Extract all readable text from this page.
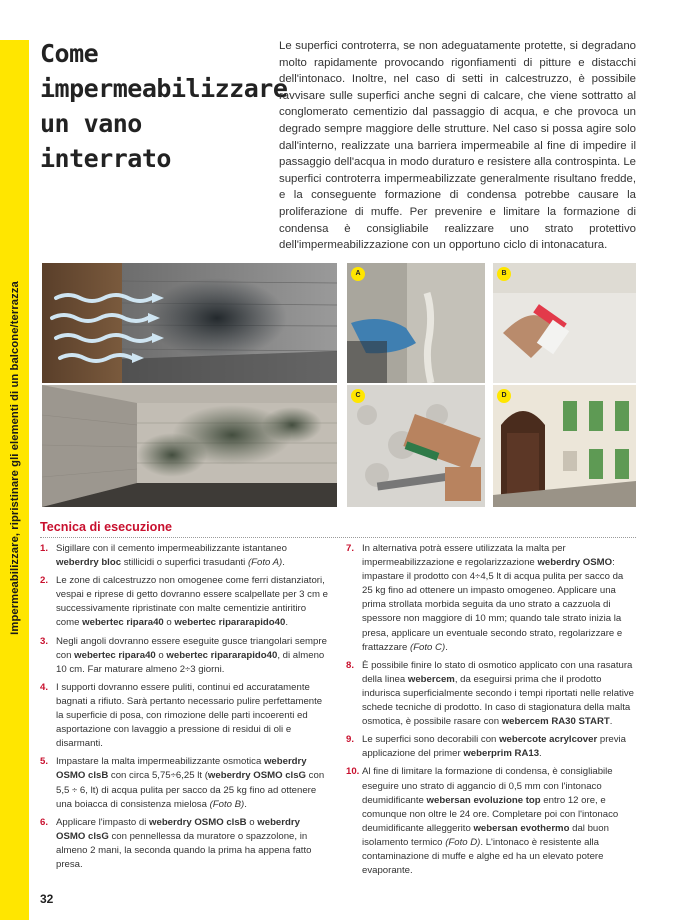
Impermeabilizzare, ripristinare gli elementi di un balcone/terrazza
Come
impermeabilizzare
un vano
interrato
Le superfici controterra, se non adeguatamente protette, si degradano molto rapidamente provocando rigonfiamenti di pitture e distacchi dell'intonaco. Inoltre, nel caso di setti in calcestruzzo, è possibile ravvisare sulle superfici anche segni di calcare, che viene sottratto al conglomerato cementizio dal passaggio di acqua, e che provoca un degrado sempre maggiore delle strutture. Nel caso si possa agire solo dall'interno, realizzate una barriera impermeabile al fine di impedire il passaggio dell'acqua in modo duraturo e resistere alla controspinta. Le superfici controterra impermeabilizzate generalmente risultano fredde, e la conseguente formazione di condensa potrebbe causare la proliferazione di muffe. Per prevenire e limitare la formazione di condensa è consigliabile realizzare uno strato protettivo dell'impermeabilizzazione con un opportuno ciclo di intonacatura.
A	B
C	D
Tecnica di esecuzione
1. Sigillare con il cemento impermeabilizzante istantaneo weberdry bloc stillicidi o superfici trasudanti (Foto A).
2. Le zone di calcestruzzo non omogenee come ferri distanziatori, vespai e riprese di getto dovranno essere scalpellate per 3 cm e successivamente ripristinate con malte cementizie antiritiro come webertec ripara40 o webertec ripararapido40.
3. Negli angoli dovranno essere eseguite gusce triangolari sempre con webertec ripara40 o webertec ripararapido40, di almeno 10 cm. Far maturare almeno 2÷3 giorni.
4. I supporti dovranno essere puliti, continui ed accuratamente bagnati a rifiuto. Sarà pertanto necessario pulire perfettamente la superficie di posa, con rimozione delle parti incoerenti ed asportazione con lavaggio a pressione di residui di oli e disarmanti.
5. Impastare la malta impermeabilizzante osmotica weberdry OSMO clsB con circa 5,75÷6,25 lt (weberdry OSMO clsG con 5,5 ÷ 6, lt) di acqua pulita per sacco da 25 kg fino ad ottenere una boiacca di consistenza mielosa (Foto B).
6. Applicare l'impasto di weberdry OSMO clsB o weberdry OSMO clsG con pennellessa da muratore o spazzolone, in almeno 2 mani, la seconda quando la prima ha appena fatto presa.
7. In alternativa potrà essere utilizzata la malta per impermeabilizzazione e regolarizzazione weberdry OSMO: impastare il prodotto con 4÷4,5 lt di acqua pulita per sacco da 25 kg fino ad ottenere un impasto omogeneo. Applicare una prima strollata morbida seguita da uno strato a cazzuola di spessore non maggiore di 10 mm; quando tale strato inizia la presa, applicare un eventuale secondo strato, regolarizzare e frattazzare (Foto C).
8. È possibile finire lo stato di osmotico applicato con una rasatura della linea webercem, da eseguirsi prima che il prodotto indurisca superficialmente secondo i tempi riportati nelle relative schede tecniche di prodotto. In caso di stagionatura della malta osmotica, è possibile rasare con webercem RA30 START.
9. Le superfici sono decorabili con webercote acrylcover previa applicazione del primer weberprim RA13.
10. Al fine di limitare la formazione di condensa, è consigliabile eseguire uno strato di aggancio di 0,5 mm con l'intonaco deumidificante webersan evoluzione top entro 12 ore, e comunque non oltre le 24 ore. Completare poi con l'intonaco deumidificante alleggerito webersan evothermo dal buon isolamento termico (Foto D). L'intonaco è resistente alla contaminazione di muffe e alghe ed ha un elevato potere evaporante.
32
